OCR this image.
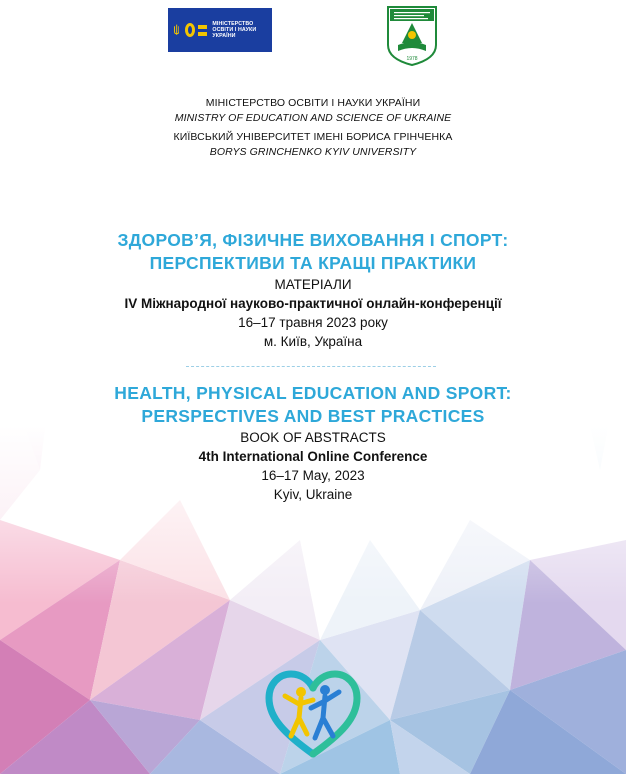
МІНІСТЕРСТВО ОСВІТИ І НАУКИ УКРАЇНИ
1978
МІНІСТЕРСТВО ОСВІТИ І НАУКИ УКРАЇНИ
MINISTRY OF EDUCATION AND SCIENCE OF UKRAINE
КИЇВСЬКИЙ УНІВЕРСИТЕТ ІМЕНІ БОРИСА ГРІНЧЕНКА
BORYS GRINCHENKO KYIV UNIVERSITY
ЗДОРОВ’Я, ФІЗИЧНЕ ВИХОВАННЯ І СПОРТ:
ПЕРСПЕКТИВИ ТА КРАЩІ ПРАКТИКИ
МАТЕРІАЛИ
IV Міжнародної науково-практичної онлайн-конференції
16–17 травня 2023 року
м. Київ, Україна
HEALTH, PHYSICAL EDUCATION AND SPORT:
PERSPECTIVES AND BEST PRACTICES
BOOK OF ABSTRACTS
4th International Online Conference
16–17 May, 2023
Kyiv, Ukraine
